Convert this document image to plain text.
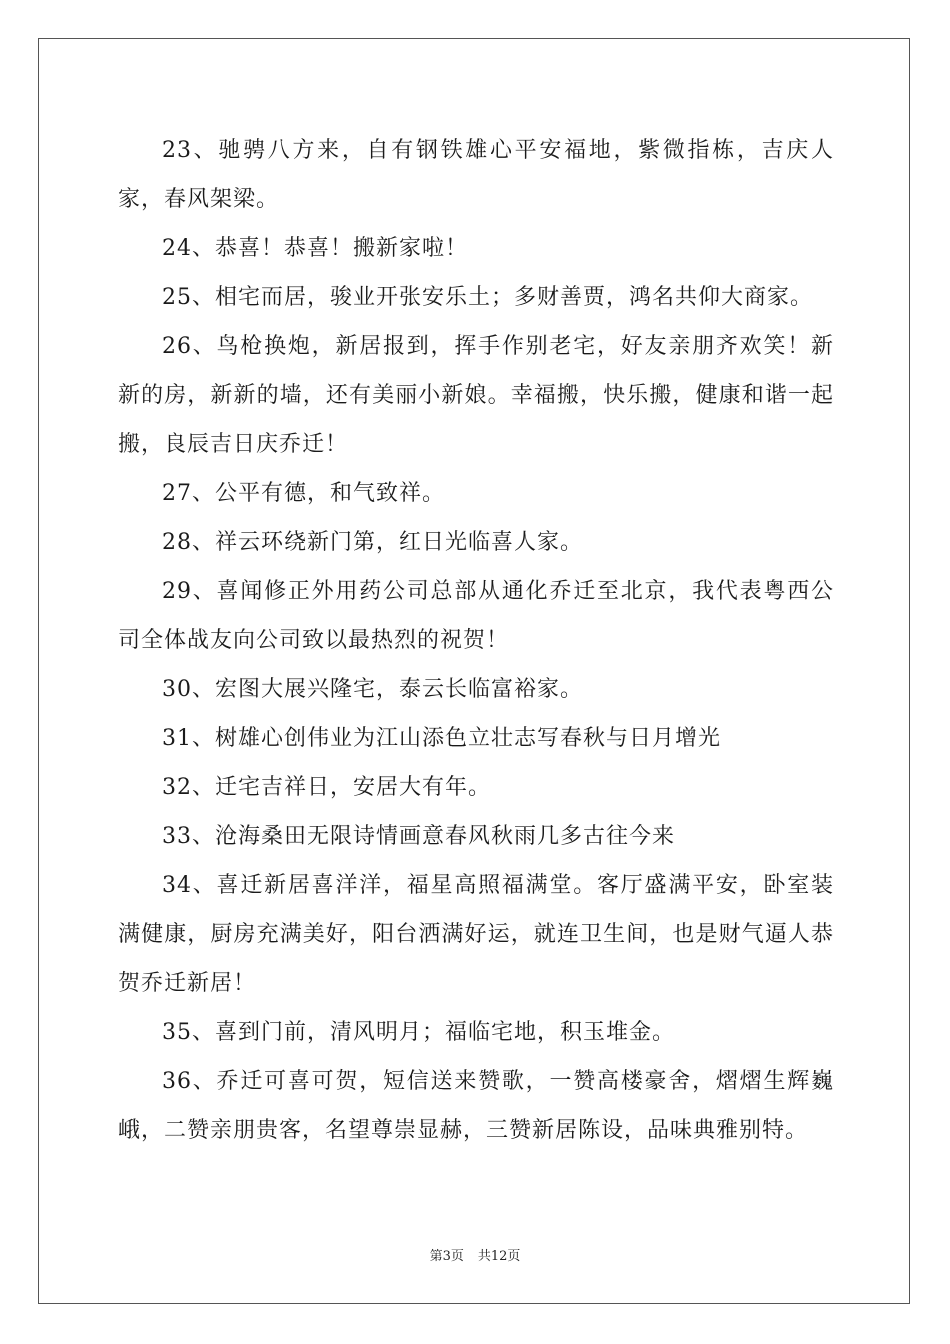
23、驰骋八方来，自有钢铁雄心平安福地，紫微指栋，吉庆人家，春风架梁。

24、恭喜！恭喜！搬新家啦！

25、相宅而居，骏业开张安乐土；多财善贾，鸿名共仰大商家。

26、鸟枪换炮，新居报到，挥手作别老宅，好友亲朋齐欢笑！新新的房，新新的墙，还有美丽小新娘。幸福搬，快乐搬，健康和谐一起搬，良辰吉日庆乔迁！

27、公平有德，和气致祥。

28、祥云环绕新门第，红日光临喜人家。

29、喜闻修正外用药公司总部从通化乔迁至北京，我代表粤西公司全体战友向公司致以最热烈的祝贺！

30、宏图大展兴隆宅，泰云长临富裕家。

31、树雄心创伟业为江山添色立壮志写春秋与日月增光

32、迁宅吉祥日，安居大有年。

33、沧海桑田无限诗情画意春风秋雨几多古往今来

34、喜迁新居喜洋洋，福星高照福满堂。客厅盛满平安，卧室装满健康，厨房充满美好，阳台洒满好运，就连卫生间，也是财气逼人恭贺乔迁新居！

35、喜到门前，清风明月；福临宅地，积玉堆金。

36、乔迁可喜可贺，短信送来赞歌，一赞高楼豪舍，熠熠生辉巍峨，二赞亲朋贵客，名望尊崇显赫，三赞新居陈设，品味典雅别特。

第3页 共12页
